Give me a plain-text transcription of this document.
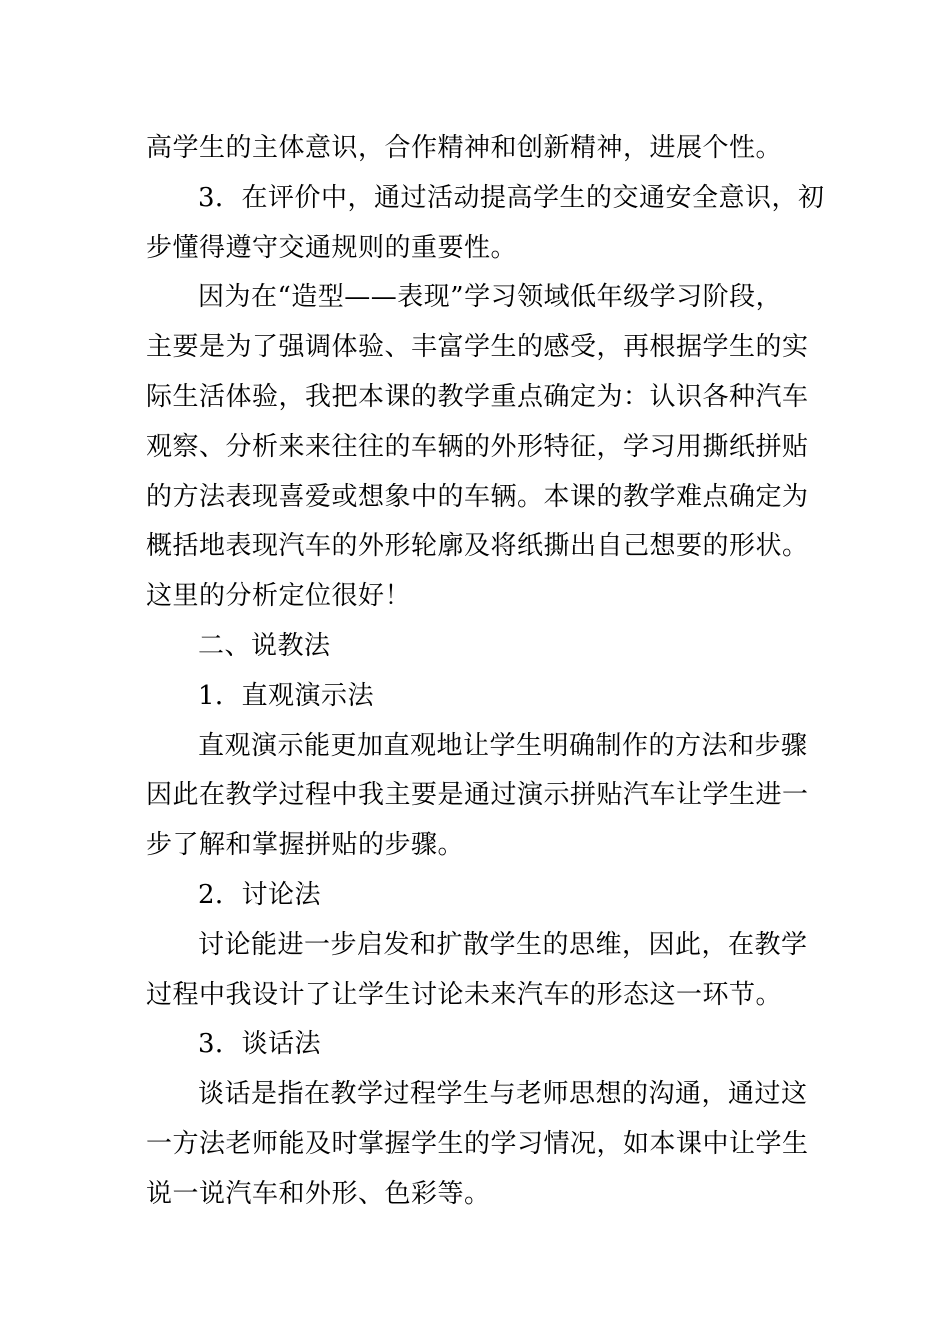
高学生的主体意识，合作精神和创新精神，进展个性。
3．在评价中，通过活动提高学生的交通安全意识，初
步懂得遵守交通规则的重要性。
因为在“造型——表现”学习领域低年级学习阶段，
主要是为了强调体验、丰富学生的感受，再根据学生的实
际生活体验，我把本课的教学重点确定为：认识各种汽车
观察、分析来来往往的车辆的外形特征，学习用撕纸拼贴
的方法表现喜爱或想象中的车辆。本课的教学难点确定为
概括地表现汽车的外形轮廓及将纸撕出自己想要的形状。
这里的分析定位很好！
二、说教法
1．直观演示法
直观演示能更加直观地让学生明确制作的方法和步骤
因此在教学过程中我主要是通过演示拼贴汽车让学生进一
步了解和掌握拼贴的步骤。
2．讨论法
讨论能进一步启发和扩散学生的思维，因此，在教学
过程中我设计了让学生讨论未来汽车的形态这一环节。
3．谈话法
谈话是指在教学过程学生与老师思想的沟通，通过这
一方法老师能及时掌握学生的学习情况，如本课中让学生
说一说汽车和外形、色彩等。
